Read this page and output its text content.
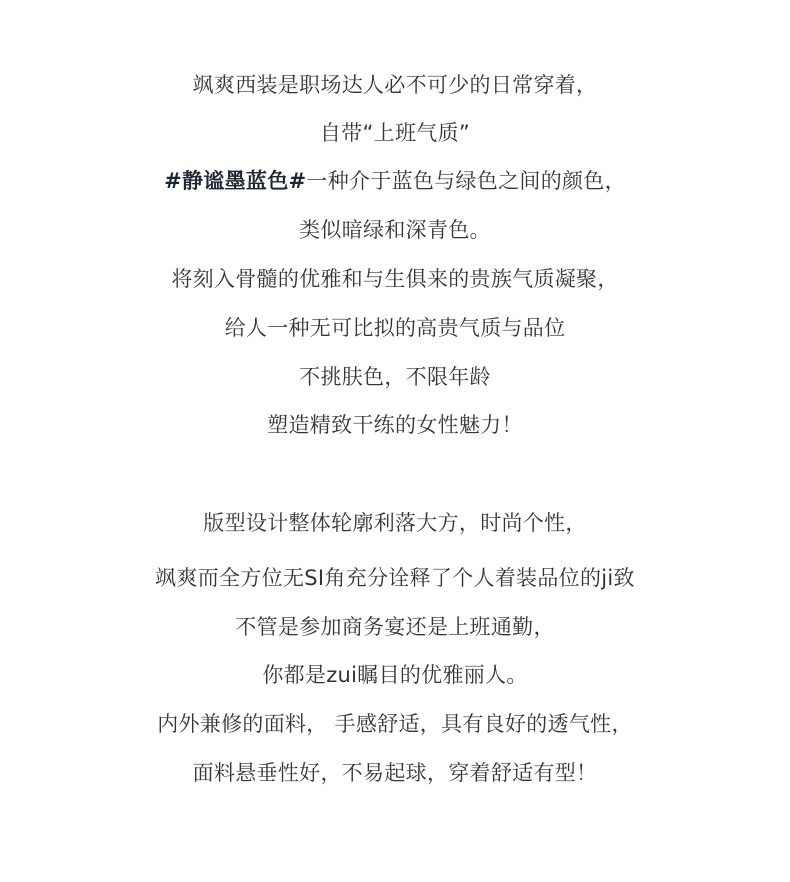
飒爽西装是职场达人必不可少的日常穿着，
自带“上班气质”
#静谧墨蓝色#一种介于蓝色与绿色之间的颜色，
类似暗绿和深青色。
将刻入骨髓的优雅和与生俱来的贵族气质凝聚，
给人一种无可比拟的高贵气质与品位
不挑肤色，不限年龄
塑造精致干练的女性魅力！
版型设计整体轮廓利落大方，时尚个性，
飒爽而全方位无SI角充分诠释了个人着装品位的ji致
不管是参加商务宴还是上班通勤，
你都是zui瞩目的优雅丽人。
内外兼修的面料， 手感舒适，具有良好的透气性，
面料悬垂性好，不易起球，穿着舒适有型！
